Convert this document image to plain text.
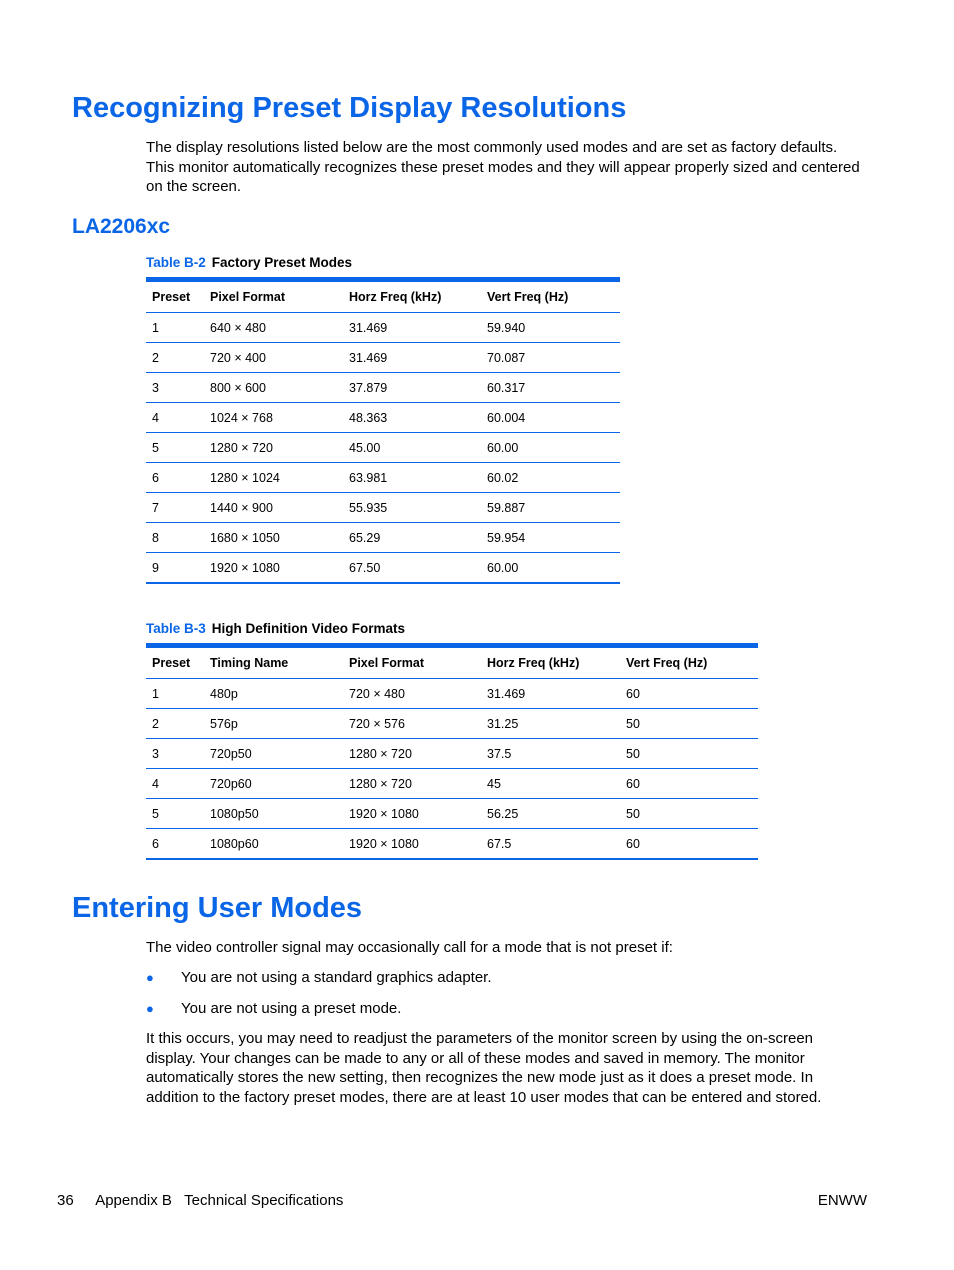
Recognizing Preset Display Resolutions

The display resolutions listed below are the most commonly used modes and are set as factory defaults. This monitor automatically recognizes these preset modes and they will appear properly sized and centered on the screen.

LA2206xc

Table B-2 Factory Preset Modes

Preset	Pixel Format	Horz Freq (kHz)	Vert Freq (Hz)
1	640 × 480	31.469	59.940
2	720 × 400	31.469	70.087
3	800 × 600	37.879	60.317
4	1024 × 768	48.363	60.004
5	1280 × 720	45.00	60.00
6	1280 × 1024	63.981	60.02
7	1440 × 900	55.935	59.887
8	1680 × 1050	65.29	59.954
9	1920 × 1080	67.50	60.00

Table B-3 High Definition Video Formats

Preset	Timing Name	Pixel Format	Horz Freq (kHz)	Vert Freq (Hz)
1	480p	720 × 480	31.469	60
2	576p	720 × 576	31.25	50
3	720p50	1280 × 720	37.5	50
4	720p60	1280 × 720	45	60
5	1080p50	1920 × 1080	56.25	50
6	1080p60	1920 × 1080	67.5	60
Entering User Modes

The video controller signal may occasionally call for a mode that is not preset if:

● You are not using a standard graphics adapter.

● You are not using a preset mode.

It this occurs, you may need to readjust the parameters of the monitor screen by using the on-screen display. Your changes can be made to any or all of these modes and saved in memory. The monitor automatically stores the new setting, then recognizes the new mode just as it does a preset mode. In addition to the factory preset modes, there are at least 10 user modes that can be entered and stored.

36 Appendix B   Technical Specifications	ENWW
